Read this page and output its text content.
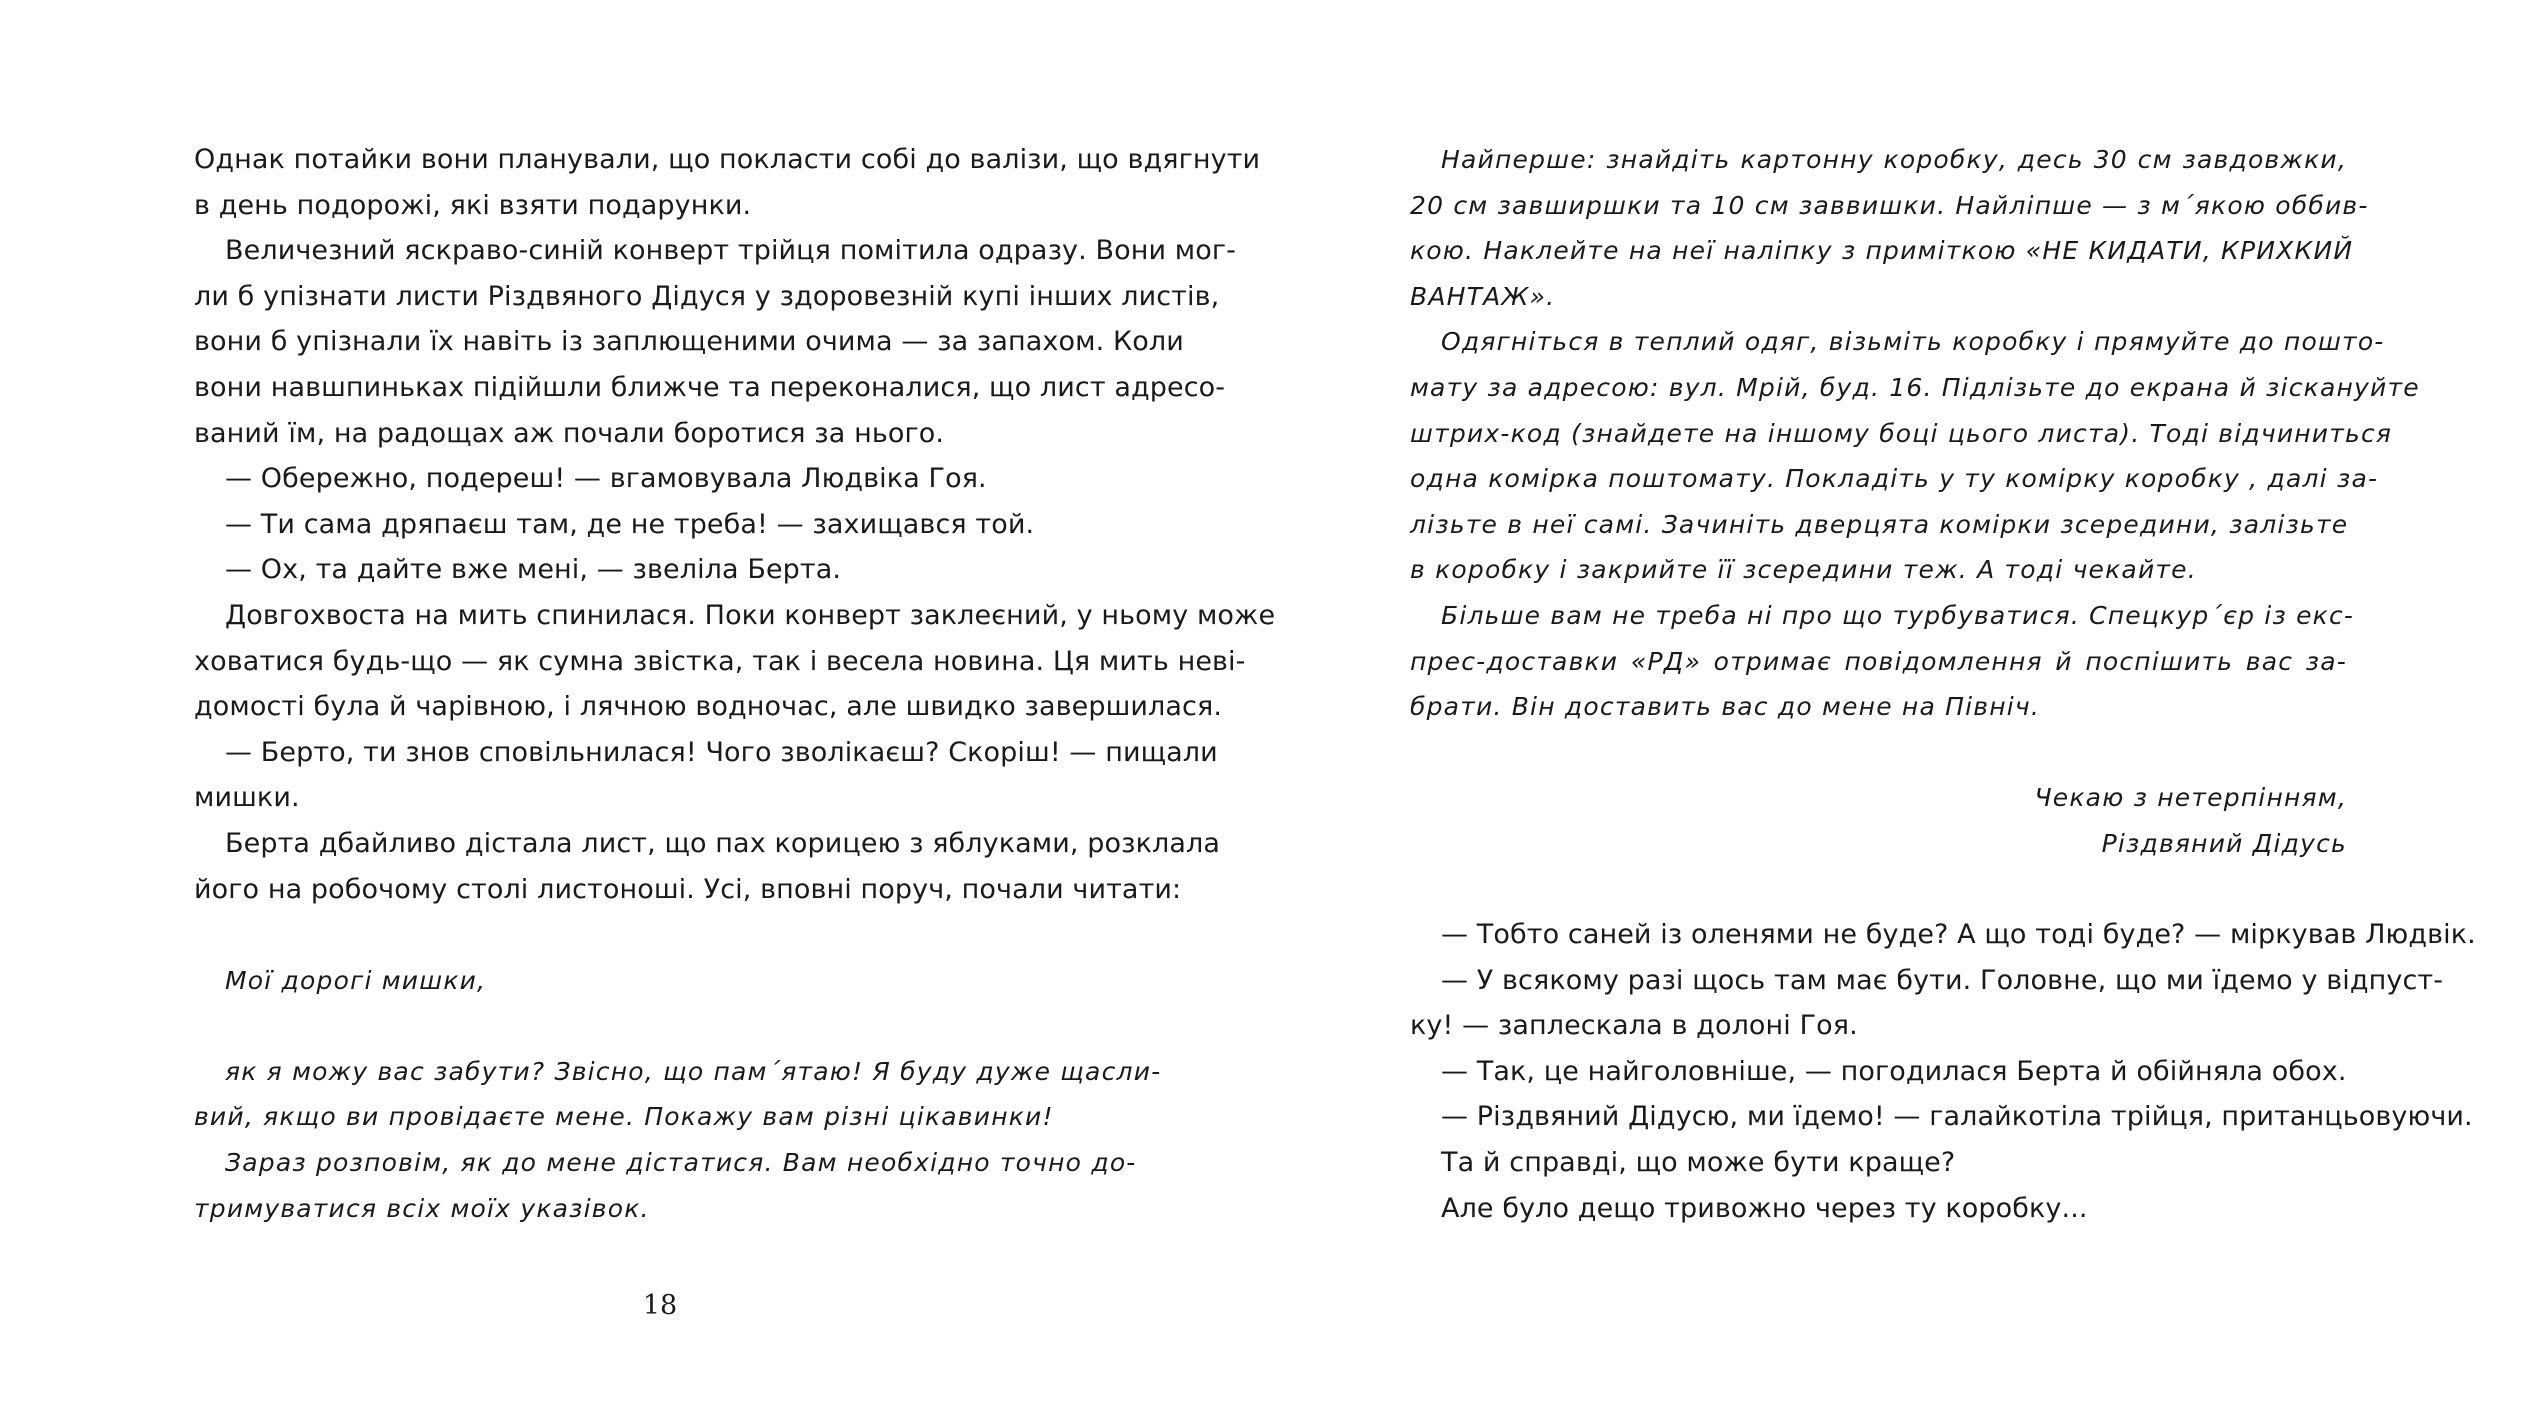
Однак потайки вони планували, що покласти собі до валізи, що вдягнути
в день подорожі, які взяти подарунки.
Величезний яскраво-синій конверт трійця помітила одразу. Вони мог-
ли б упізнати листи Різдвяного Дідуся у здоровезній купі інших листів,
вони б упізнали їх навіть із заплющеними очима — за запахом. Коли
вони навшпиньках підійшли ближче та переконалися, що лист адресо-
ваний їм, на радощах аж почали боротися за нього.
— Обережно, подереш! — вгамовувала Людвіка Гоя.
— Ти сама дряпаєш там, де не треба! — захищався той.
— Ох, та дайте вже мені, — звеліла Берта.
Довгохвоста на мить спинилася. Поки конверт заклеєний, у ньому може
ховатися будь-що — як сумна звістка, так і весела новина. Ця мить неві-
домості була й чарівною, і лячною водночас, але швидко завершилася.
— Берто, ти знов сповільнилася! Чого зволікаєш? Скоріш! — пищали
мишки.
Берта дбайливо дістала лист, що пах корицею з яблуками, розклала
його на робочому столі листоноші. Усі, вповні поруч, почали читати:
Мої дорогі мишки,
як я можу вас забути? Звісно, що пам´ятаю! Я буду дуже щасли-
вий, якщо ви провідаєте мене. Покажу вам різні цікавинки!
Зараз розповім, як до мене дістатися. Вам необхідно точно до-
тримуватися всіх моїх указівок.
18
Найперше: знайдіть картонну коробку, десь 30 см завдовжки,
20 см завширшки та 10 см заввишки. Найліпше — з м´якою оббив-
кою. Наклейте на неї наліпку з приміткою «НЕ КИДАТИ, КРИХКИЙ
ВАНТАЖ».
Одягніться в теплий одяг, візьміть коробку і прямуйте до пошто-
мату за адресою: вул. Мрій, буд. 16. Підлізьте до екрана й зіскануйте
штрих-код (знайдете на іншому боці цього листа). Тоді відчиниться
одна комірка поштомату. Покладіть у ту комірку коробку , далі за-
лізьте в неї самі. Зачиніть дверцята комірки зсередини, залізьте
в коробку і закрийте її зсередини теж. А тоді чекайте.
Більше вам не треба ні про що турбуватися. Спецкур´єр із екс-
прес-доставки «РД» отримає повідомлення й поспішить вас за-
брати. Він доставить вас до мене на Північ.
Чекаю з нетерпінням,
Різдвяний Дідусь
— Тобто саней із оленями не буде? А що тоді буде? — міркував Людвік.
— У всякому разі щось там має бути. Головне, що ми їдемо у відпуст-
ку! — заплескала в долоні Гоя.
— Так, це найголовніше, — погодилася Берта й обійняла обох.
— Різдвяний Дідусю, ми їдемо! — галайкотіла трійця, пританцьовуючи.
Та й справді, що може бути краще?
Але було дещо тривожно через ту коробку...
